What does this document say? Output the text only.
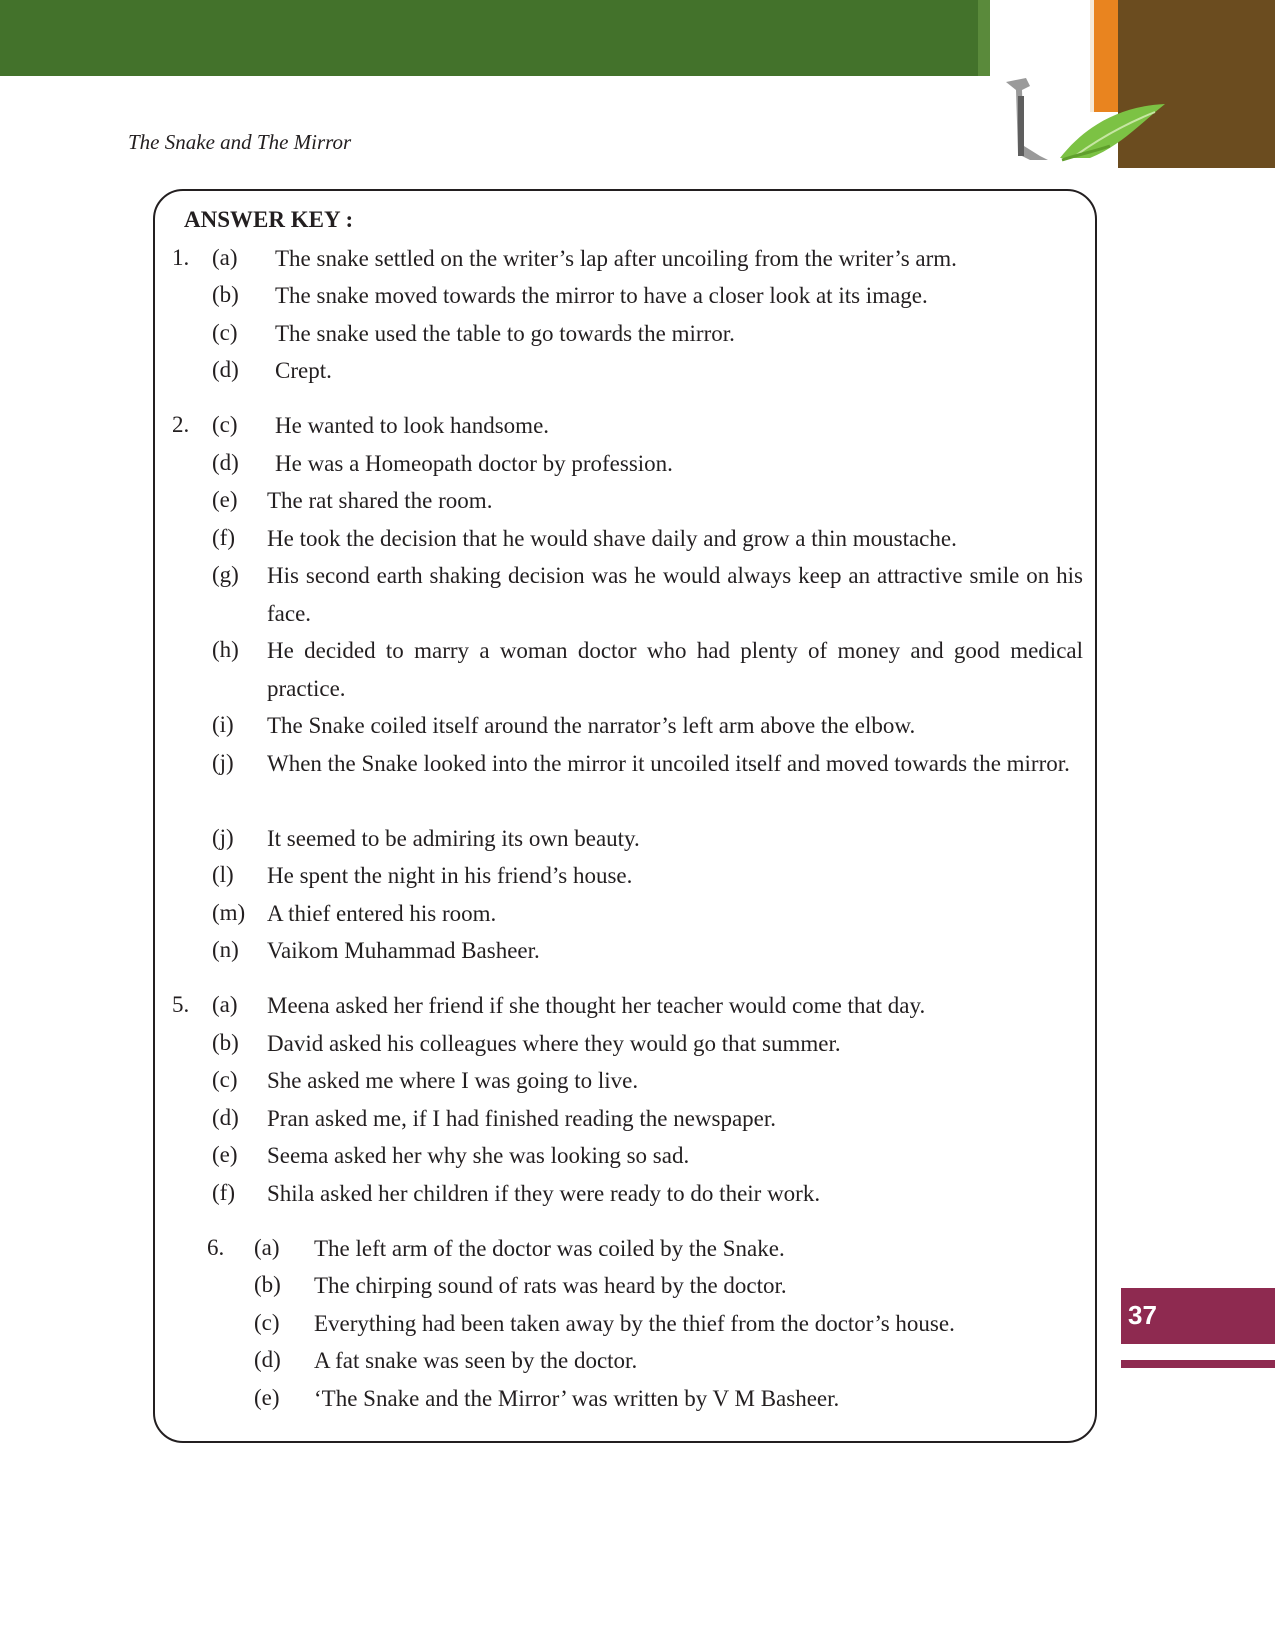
The Snake and The Mirror
ANSWER KEY :
1. (a) The snake settled on the writer’s lap after uncoiling from the writer’s arm.
(b) The snake moved towards the mirror to have a closer look at its image.
(c) The snake used the table to go towards the mirror.
(d) Crept.
2. (c) He wanted to look handsome.
(d) He was a Homeopath doctor by profession.
(e) The rat shared the room.
(f) He took the decision that he would shave daily and grow a thin moustache.
(g) His second earth shaking decision was he would always keep an attractive smile on his face.
(h) He decided to marry a woman doctor who had plenty of money and good medical practice.
(i) The Snake coiled itself around the narrator’s left arm above the elbow.
(j) When the Snake looked into the mirror it uncoiled itself and moved towards the mirror.
(j) It seemed to be admiring its own beauty.
(l) He spent the night in his friend’s house.
(m) A thief entered his room.
(n) Vaikom Muhammad Basheer.
5. (a) Meena asked her friend if she thought her teacher would come that day.
(b) David asked his colleagues where they would go that summer.
(c) She asked me where I was going to live.
(d) Pran asked me, if I had finished reading the newspaper.
(e) Seema asked her why she was looking so sad.
(f) Shila asked her children if they were ready to do their work.
6. (a) The left arm of the doctor was coiled by the Snake.
(b) The chirping sound of rats was heard by the doctor.
(c) Everything had been taken away by the thief from the doctor’s house.
(d) A fat snake was seen by the doctor.
(e) ‘The Snake and the Mirror’ was written by V M Basheer.
37
